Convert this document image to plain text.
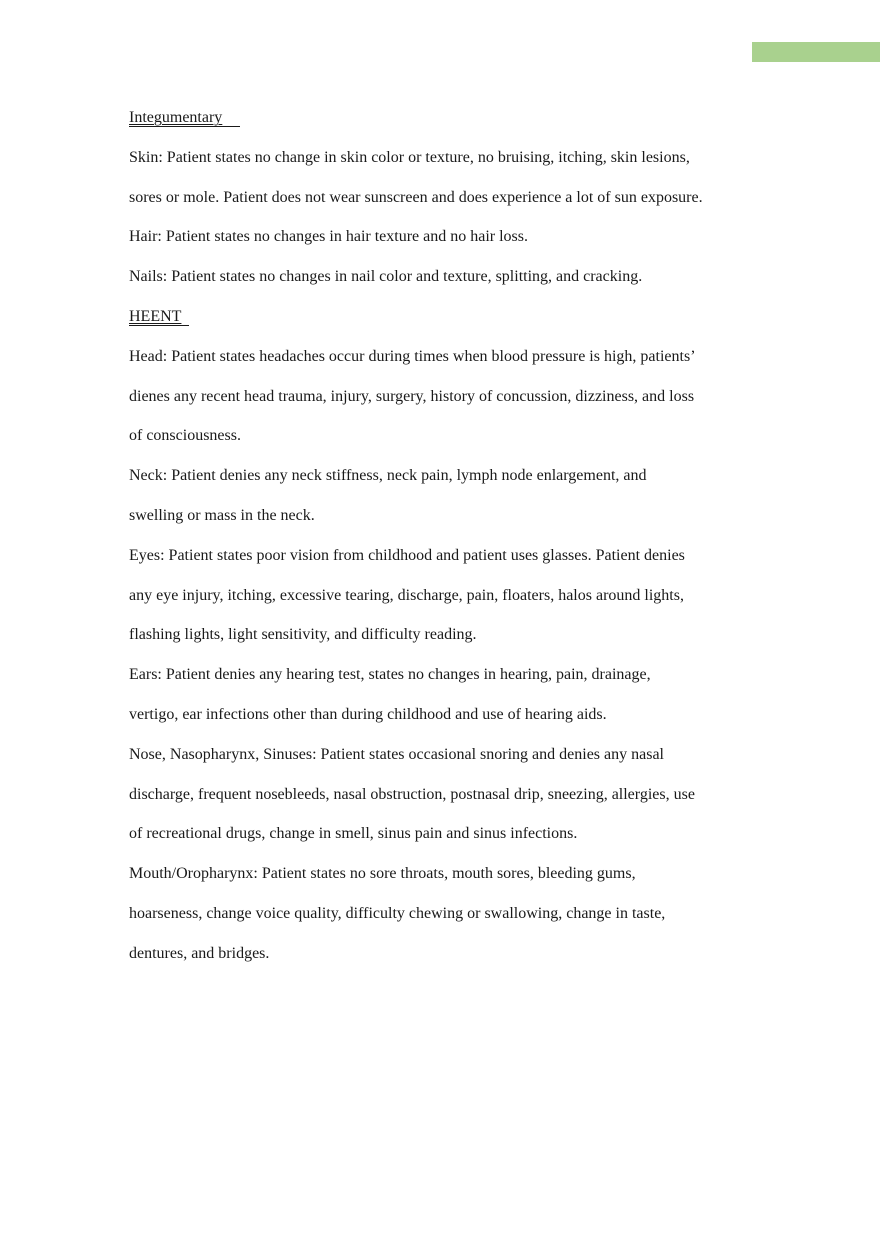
Integumentary
Skin: Patient states no change in skin color or texture, no bruising, itching, skin lesions,
sores or mole. Patient does not wear sunscreen and does experience a lot of sun exposure.
Hair: Patient states no changes in hair texture and no hair loss.
Nails: Patient states no changes in nail color and texture, splitting, and cracking.
HEENT
Head: Patient states headaches occur during times when blood pressure is high, patients’
dienes any recent head trauma, injury, surgery, history of concussion, dizziness, and loss
of consciousness.
Neck: Patient denies any neck stiffness, neck pain, lymph node enlargement, and
swelling or mass in the neck.
Eyes: Patient states poor vision from childhood and patient uses glasses. Patient denies
any eye injury, itching, excessive tearing, discharge, pain, floaters, halos around lights,
flashing lights, light sensitivity, and difficulty reading.
Ears: Patient denies any hearing test, states no changes in hearing, pain, drainage,
vertigo, ear infections other than during childhood and use of hearing aids.
Nose, Nasopharynx, Sinuses: Patient states occasional snoring and denies any nasal
discharge, frequent nosebleeds, nasal obstruction, postnasal drip, sneezing, allergies, use
of recreational drugs, change in smell, sinus pain and sinus infections.
Mouth/Oropharynx: Patient states no sore throats, mouth sores, bleeding gums,
hoarseness, change voice quality, difficulty chewing or swallowing, change in taste,
dentures, and bridges.
